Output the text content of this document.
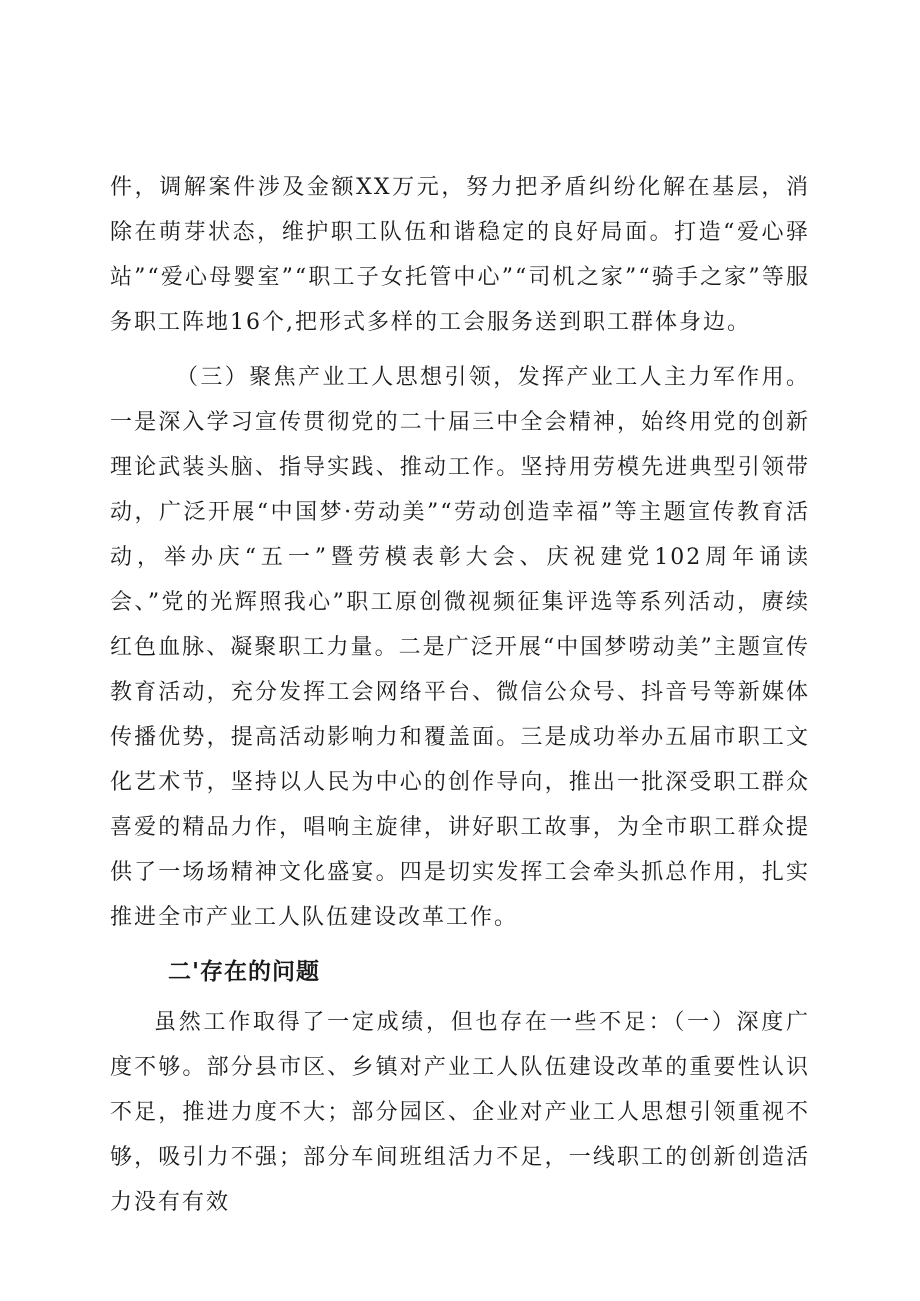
件，调解案件涉及金额XX万元，努力把矛盾纠纷化解在基层，消除在萌芽状态，维护职工队伍和谐稳定的良好局面。打造“爱心驿站”“爱心母婴室”“职工子女托管中心”“司机之家”“骑手之家”等服务职工阵地16个,把形式多样的工会服务送到职工群体身边。

（三）聚焦产业工人思想引领，发挥产业工人主力军作用。一是深入学习宣传贯彻党的二十届三中全会精神，始终用党的创新理论武装头脑、指导实践、推动工作。坚持用劳模先进典型引领带动，广泛开展“中国梦·劳动美”“劳动创造幸福”等主题宣传教育活动，举办庆“五一”暨劳模表彰大会、庆祝建党102周年诵读会、”党的光辉照我心”职工原创微视频征集评选等系列活动，赓续红色血脉、凝聚职工力量。二是广泛开展“中国梦唠动美”主题宣传教育活动，充分发挥工会网络平台、微信公众号、抖音号等新媒体传播优势，提高活动影响力和覆盖面。三是成功举办五届市职工文化艺术节，坚持以人民为中心的创作导向，推出一批深受职工群众喜爱的精品力作，唱响主旋律，讲好职工故事，为全市职工群众提供了一场场精神文化盛宴。四是切实发挥工会牵头抓总作用，扎实推进全市产业工人队伍建设改革工作。

二'存在的问题

虽然工作取得了一定成绩，但也存在一些不足：（一）深度广度不够。部分县市区、乡镇对产业工人队伍建设改革的重要性认识不足，推进力度不大；部分园区、企业对产业工人思想引领重视不够，吸引力不强；部分车间班组活力不足，一线职工的创新创造活力没有有效
